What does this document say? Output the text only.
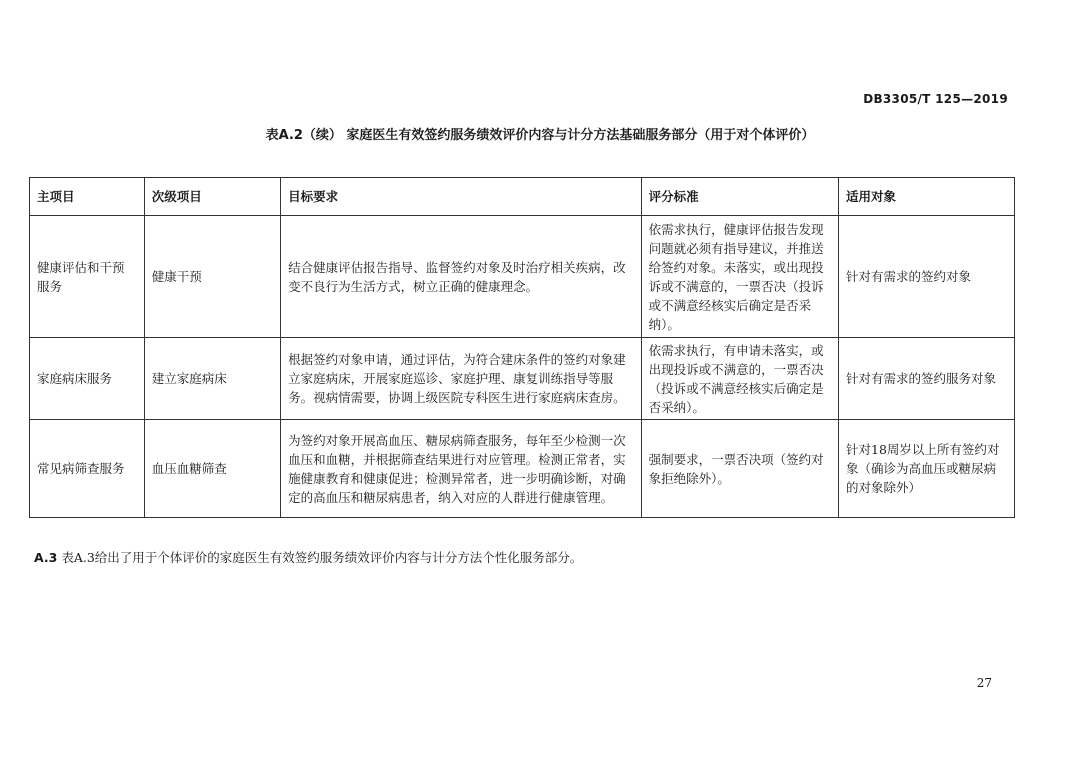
DB3305/T 125—2019
表A.2（续） 家庭医生有效签约服务绩效评价内容与计分方法基础服务部分（用于对个体评价）
主项目	次级项目	目标要求	评分标准	适用对象
健康评估和干预服务	健康干预	结合健康评估报告指导、监督签约对象及时治疗相关疾病，改变不良行为生活方式，树立正确的健康理念。	依需求执行，健康评估报告发现问题就必须有指导建议，并推送给签约对象。未落实，或出现投诉或不满意的，一票否决（投诉或不满意经核实后确定是否采纳）。	针对有需求的签约对象
家庭病床服务	建立家庭病床	根据签约对象申请，通过评估，为符合建床条件的签约对象建立家庭病床，开展家庭巡诊、家庭护理、康复训练指导等服务。视病情需要，协调上级医院专科医生进行家庭病床查房。	依需求执行，有申请未落实，或出现投诉或不满意的，一票否决（投诉或不满意经核实后确定是否采纳）。	针对有需求的签约服务对象
常见病筛查服务	血压血糖筛查	为签约对象开展高血压、糖尿病筛查服务，每年至少检测一次血压和血糖，并根据筛查结果进行对应管理。检测正常者，实施健康教育和健康促进；检测异常者，进一步明确诊断，对确定的高血压和糖尿病患者，纳入对应的人群进行健康管理。	强制要求，一票否决项（签约对象拒绝除外）。	针对18周岁以上所有签约对象（确诊为高血压或糖尿病的对象除外）
A.3 表A.3给出了用于个体评价的家庭医生有效签约服务绩效评价内容与计分方法个性化服务部分。
27
